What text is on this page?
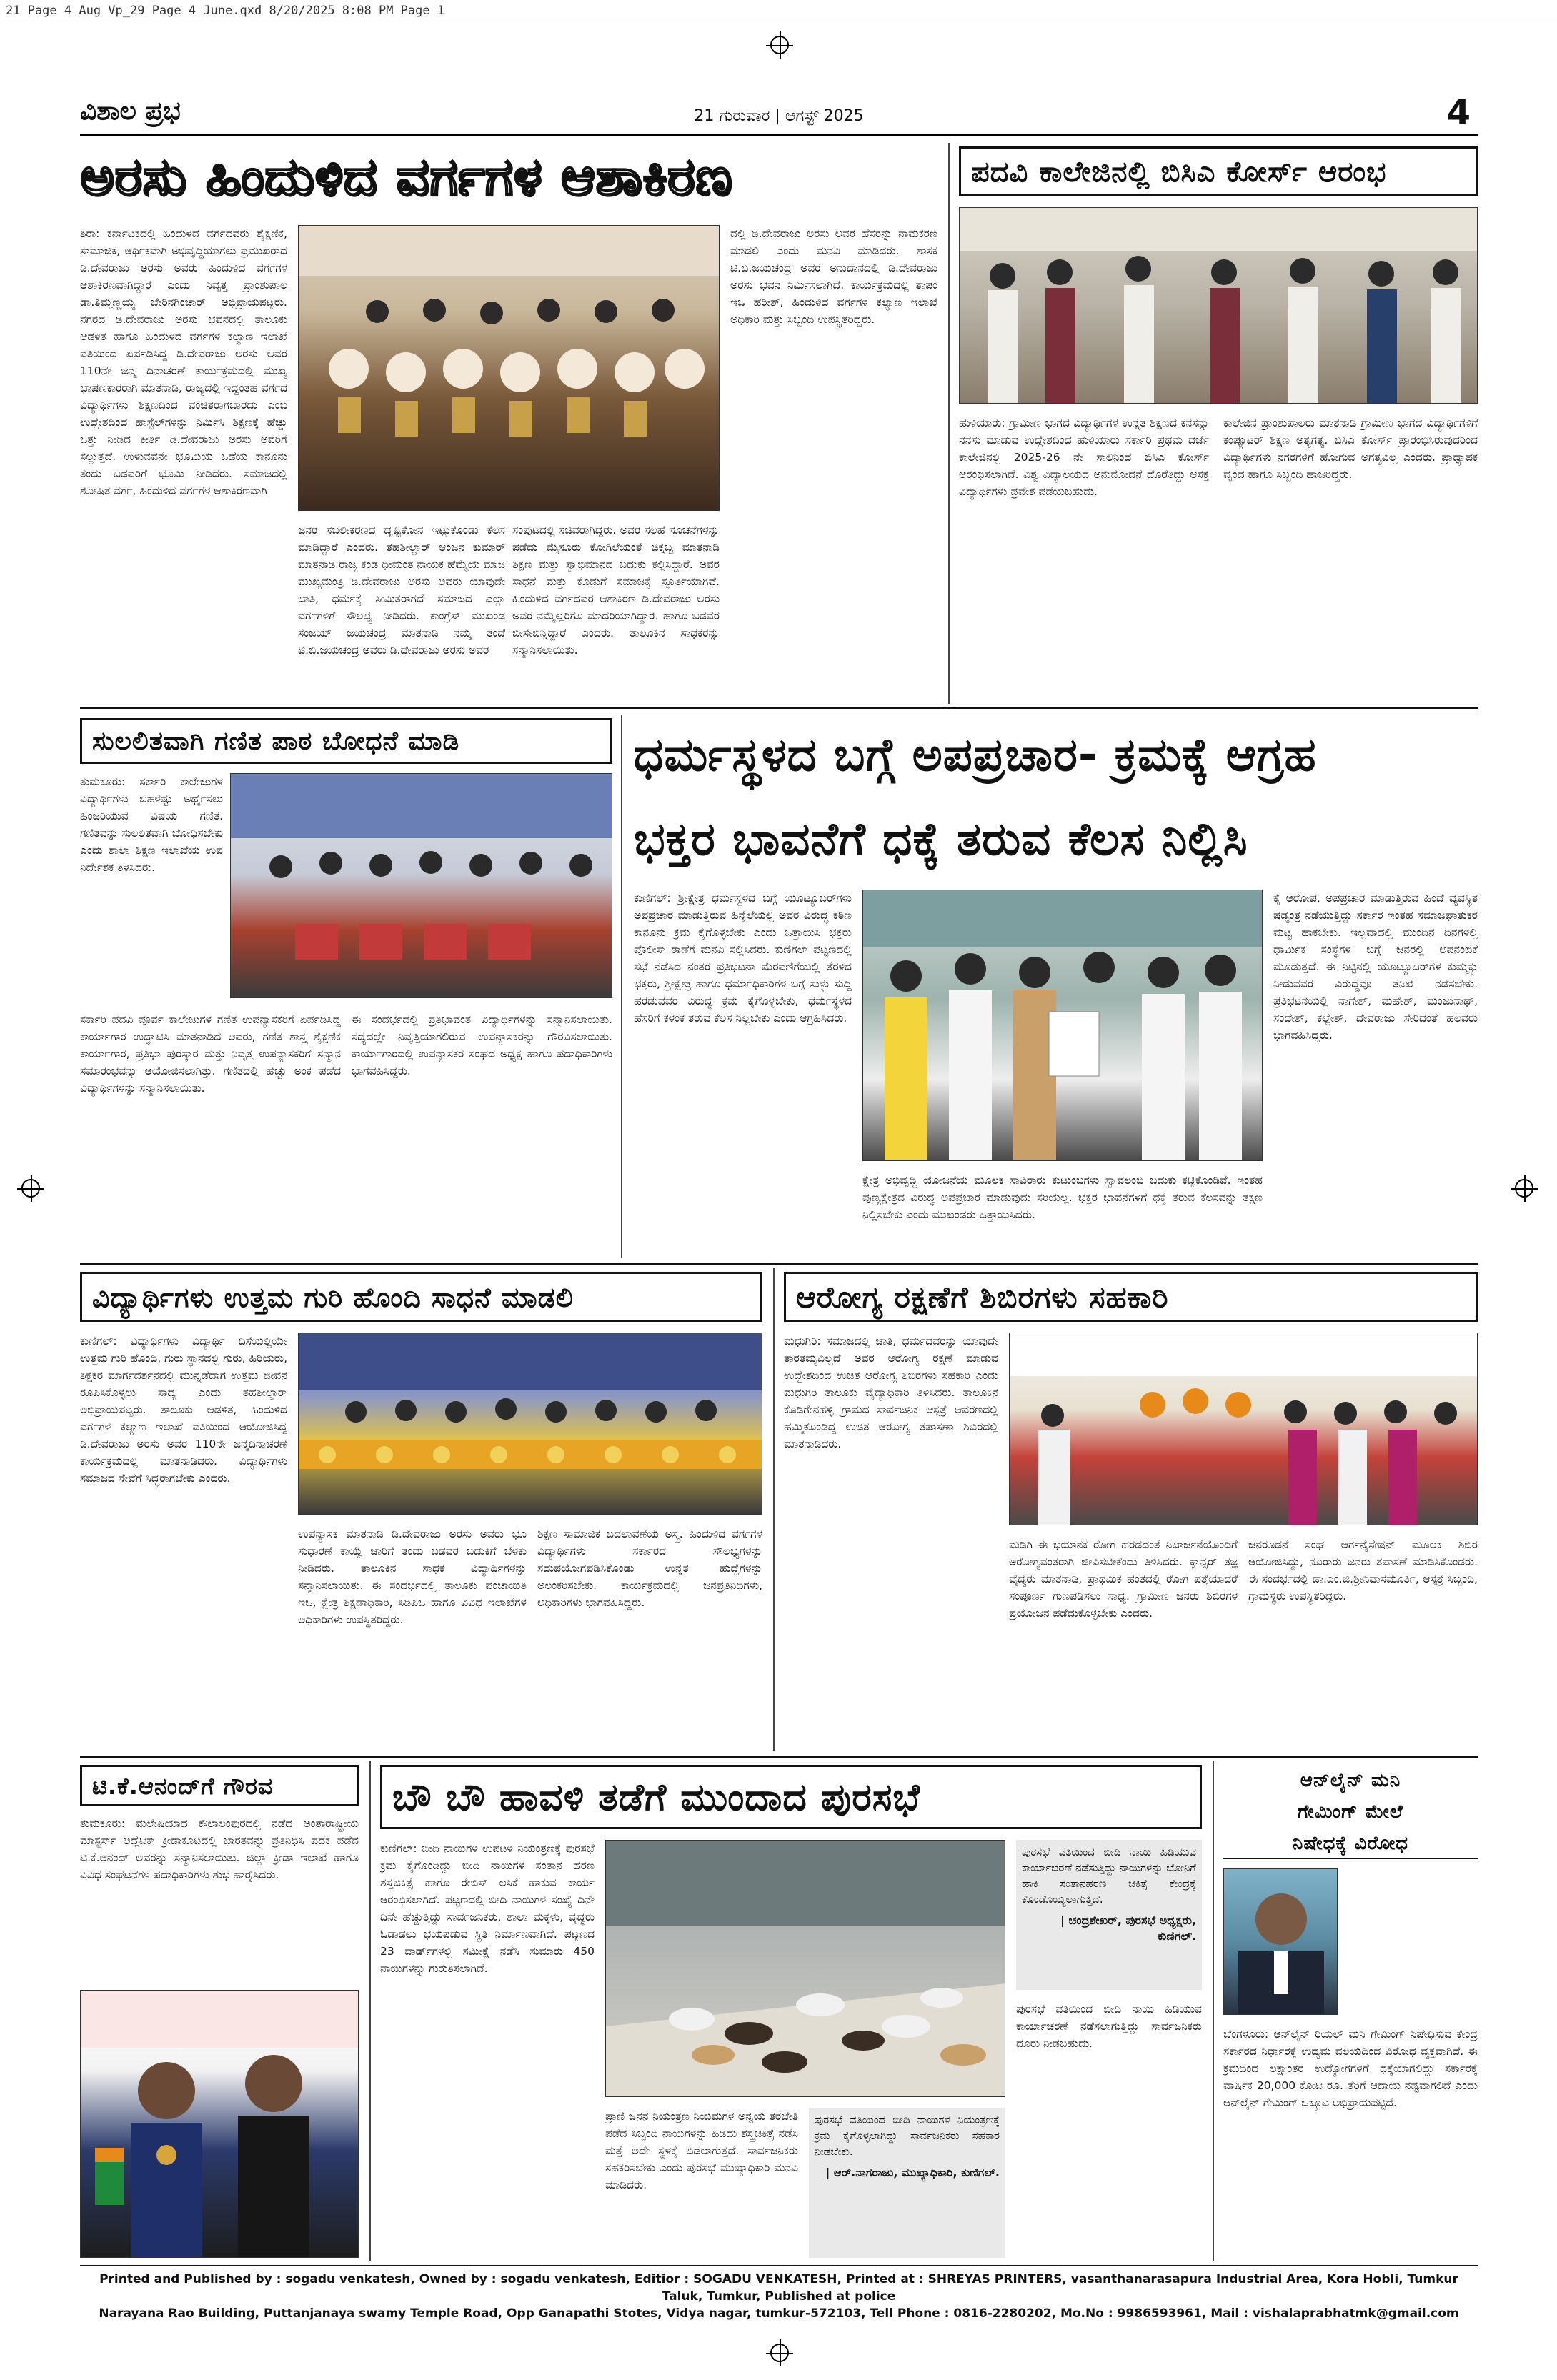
21 Page 4 Aug Vp_29 Page 4 June.qxd 8/20/2025 8:08 PM Page 1
ವಿಶಾಲ ಪ್ರಭ	21 ಗುರುವಾರ | ಆಗಸ್ಟ್ 2025	4
ಅರಸು ಹಿಂದುಳಿದ ವರ್ಗಗಳ ಆಶಾಕಿರಣ
ಶಿರಾ: ಕರ್ನಾಟಕದಲ್ಲಿ ಹಿಂದುಳಿದ ವರ್ಗದವರು ಶೈಕ್ಷಣಿಕ, ಸಾಮಾಜಿಕ, ಆರ್ಥಿಕವಾಗಿ ಅಭಿವೃದ್ಧಿಯಾಗಲು ಪ್ರಮುಖರಾದ ಡಿ.ದೇವರಾಜು ಅರಸು ಅವರು ಹಿಂದುಳಿದ ವರ್ಗಗಳ ಆಶಾಕಿರಣವಾಗಿದ್ದಾರೆ ಎಂದು ನಿವೃತ್ತ ಪ್ರಾಂಶುಪಾಲ ಡಾ.ತಿಮ್ಮಣ್ಣಯ್ಯ ಬೇರಿನಗಿಂಚಾರ್ ಅಭಿಪ್ರಾಯಪಟ್ಟರು. ನಗರದ ಡಿ.ದೇವರಾಜು ಅರಸು ಭವನದಲ್ಲಿ ತಾಲೂಕು ಆಡಳಿತ ಹಾಗೂ ಹಿಂದುಳಿದ ವರ್ಗಗಳ ಕಲ್ಯಾಣ ಇಲಾಖೆ ವತಿಯಿಂದ ಏರ್ಪಡಿಸಿದ್ದ ಡಿ.ದೇವರಾಜು ಅರಸು ಅವರ 110ನೇ ಜನ್ಮ ದಿನಾಚರಣೆ ಕಾರ್ಯಕ್ರಮದಲ್ಲಿ ಮುಖ್ಯ ಭಾಷಣಕಾರರಾಗಿ ಮಾತನಾಡಿ, ರಾಜ್ಯದಲ್ಲಿ ಇದ್ದಂತಹ ವರ್ಗದ ವಿದ್ಯಾರ್ಥಿಗಳು ಶಿಕ್ಷಣದಿಂದ ವಂಚಿತರಾಗಬಾರದು ಎಂಬ ಉದ್ದೇಶದಿಂದ ಹಾಸ್ಟೆಲ್‌ಗಳನ್ನು ನಿರ್ಮಿಸಿ ಶಿಕ್ಷಣಕ್ಕೆ ಹೆಚ್ಚು ಒತ್ತು ನೀಡಿದ ಕೀರ್ತಿ ಡಿ.ದೇವರಾಜು ಅರಸು ಅವರಿಗೆ ಸಲ್ಲುತ್ತದೆ. ಉಳುವವನೇ ಭೂಮಿಯ ಒಡೆಯ ಕಾನೂನು ತಂದು ಬಡವರಿಗೆ ಭೂಮಿ ನೀಡಿದರು. ಸಮಾಜದಲ್ಲಿ ಶೋಷಿತ ವರ್ಗ, ಹಿಂದುಳಿದ ವರ್ಗಗಳ ಆಶಾಕಿರಣವಾಗಿ
ಜನರ ಸಬಲೀಕರಣದ ದೃಷ್ಟಿಕೋನ ಇಟ್ಟುಕೊಂಡು ಕೆಲಸ ಮಾಡಿದ್ದಾರೆ ಎಂದರು. ತಹಶೀಲ್ದಾರ್ ಆಂಜನ ಕುಮಾರ್ ಮಾತನಾಡಿ ರಾಜ್ಯ ಕಂಡ ಧೀಮಂತ ನಾಯಕ ಹೆಮ್ಮೆಯ ಮಾಜಿ ಮುಖ್ಯಮಂತ್ರಿ ಡಿ.ದೇವರಾಜು ಅರಸು ಅವರು ಯಾವುದೇ ಜಾತಿ, ಧರ್ಮಕ್ಕೆ ಸೀಮಿತರಾಗದೆ ಸಮಾಜದ ಎಲ್ಲಾ ವರ್ಗಗಳಿಗೆ ಸೌಲಭ್ಯ ನೀಡಿದರು. ಕಾಂಗ್ರೆಸ್ ಮುಖಂಡ ಸಂಜಯ್ ಜಯಚಂದ್ರ ಮಾತನಾಡಿ ನಮ್ಮ ತಂದೆ ಟಿ.ಬಿ.ಜಯಚಂದ್ರ ಅವರು ಡಿ.ದೇವರಾಜು ಅರಸು ಅವರ
ಸಂಪುಟದಲ್ಲಿ ಸಚಿವರಾಗಿದ್ದರು. ಅವರ ಸಲಹೆ ಸೂಚನೆಗಳನ್ನು ಪಡೆದು ಮೈಸೂರು ಕೋಗಿಲೆಯಂತೆ ಚಿಕ್ಕಬ್ಬ ಮಾತನಾಡಿ ಶಿಕ್ಷಣ ಮತ್ತು ಸ್ವಾಭಿಮಾನದ ಬದುಕು ಕಲ್ಪಿಸಿದ್ದಾರೆ. ಅವರ ಸಾಧನೆ ಮತ್ತು ಕೊಡುಗೆ ಸಮಾಜಕ್ಕೆ ಸ್ಫೂರ್ತಿಯಾಗಿವೆ. ಹಿಂದುಳಿದ ವರ್ಗದವರ ಆಶಾಕಿರಣ ಡಿ.ದೇವರಾಜು ಅರಸು ಅವರ ನಮ್ಮೆಲ್ಲರಿಗೂ ಮಾದರಿಯಾಗಿದ್ದಾರೆ. ಹಾಗೂ ಬಡವರ ಬೀಸೇಬಿನ್ನಿದ್ದಾರೆ ಎಂದರು. ತಾಲೂಕಿನ ಸಾಧಕರನ್ನು ಸನ್ಮಾನಿಸಲಾಯಿತು.
ದಲ್ಲಿ ಡಿ.ದೇವರಾಜು ಅರಸು ಅವರ ಹೆಸರನ್ನು ನಾಮಕರಣ ಮಾಡಲಿ ಎಂದು ಮನವಿ ಮಾಡಿದರು. ಶಾಸಕ ಟಿ.ಬಿ.ಜಯಚಂದ್ರ ಅವರ ಅನುದಾನದಲ್ಲಿ ಡಿ.ದೇವರಾಜು ಅರಸು ಭವನ ನಿರ್ಮಿಸಲಾಗಿದೆ. ಕಾರ್ಯಕ್ರಮದಲ್ಲಿ ತಾಪಂ ಇಒ ಹರೀಶ್, ಹಿಂದುಳಿದ ವರ್ಗಗಳ ಕಲ್ಯಾಣ ಇಲಾಖೆ ಅಧಿಕಾರಿ ಮತ್ತು ಸಿಬ್ಬಂದಿ ಉಪಸ್ಥಿತರಿದ್ದರು.
ಪದವಿ ಕಾಲೇಜಿನಲ್ಲಿ ಬಿಸಿಎ ಕೋರ್ಸ್ ಆರಂಭ
ಹುಳಿಯಾರು: ಗ್ರಾಮೀಣ ಭಾಗದ ವಿದ್ಯಾರ್ಥಿಗಳ ಉನ್ನತ ಶಿಕ್ಷಣದ ಕನಸನ್ನು ನನಸು ಮಾಡುವ ಉದ್ದೇಶದಿಂದ ಹುಳಿಯಾರು ಸರ್ಕಾರಿ ಪ್ರಥಮ ದರ್ಜೆ ಕಾಲೇಜಿನಲ್ಲಿ 2025-26 ನೇ ಸಾಲಿನಿಂದ ಬಿಸಿಎ ಕೋರ್ಸ್ ಆರಂಭಿಸಲಾಗಿದೆ. ವಿಶ್ವ ವಿದ್ಯಾಲಯದ ಅನುಮೋದನೆ ದೊರೆತಿದ್ದು ಆಸಕ್ತ ವಿದ್ಯಾರ್ಥಿಗಳು ಪ್ರವೇಶ ಪಡೆಯಬಹುದು.
ಕಾಲೇಜಿನ ಪ್ರಾಂಶುಪಾಲರು ಮಾತನಾಡಿ ಗ್ರಾಮೀಣ ಭಾಗದ ವಿದ್ಯಾರ್ಥಿಗಳಿಗೆ ಕಂಪ್ಯೂಟರ್ ಶಿಕ್ಷಣ ಅತ್ಯಗತ್ಯ. ಬಿಸಿಎ ಕೋರ್ಸ್ ಪ್ರಾರಂಭಿಸಿರುವುದರಿಂದ ವಿದ್ಯಾರ್ಥಿಗಳು ನಗರಗಳಿಗೆ ಹೋಗುವ ಅಗತ್ಯವಿಲ್ಲ ಎಂದರು. ಪ್ರಾಧ್ಯಾಪಕ ವೃಂದ ಹಾಗೂ ಸಿಬ್ಬಂದಿ ಹಾಜರಿದ್ದರು.
ಸುಲಲಿತವಾಗಿ ಗಣಿತ ಪಾಠ ಬೋಧನೆ ಮಾಡಿ
ತುಮಕೂರು: ಸರ್ಕಾರಿ ಕಾಲೇಜುಗಳ ವಿದ್ಯಾರ್ಥಿಗಳು ಬಹಳಷ್ಟು ಅರ್ಥೈಸಲು ಹಿಂಜರಿಯುವ ವಿಷಯ ಗಣಿತ. ಗಣಿತವನ್ನು ಸುಲಲಿತವಾಗಿ ಬೋಧಿಸಬೇಕು ಎಂದು ಶಾಲಾ ಶಿಕ್ಷಣ ಇಲಾಖೆಯ ಉಪ ನಿರ್ದೇಶಕ ತಿಳಿಸಿದರು.
ಸರ್ಕಾರಿ ಪದವಿ ಪೂರ್ವ ಕಾಲೇಜುಗಳ ಗಣಿತ ಉಪನ್ಯಾಸಕರಿಗೆ ಏರ್ಪಡಿಸಿದ್ದ ಕಾರ್ಯಾಗಾರ ಉದ್ಘಾಟಿಸಿ ಮಾತನಾಡಿದ ಅವರು, ಗಣಿತ ಶಾಸ್ತ್ರ ಶೈಕ್ಷಣಿಕ ಕಾರ್ಯಾಗಾರ, ಪ್ರತಿಭಾ ಪುರಸ್ಕಾರ ಮತ್ತು ನಿವೃತ್ತ ಉಪನ್ಯಾಸಕರಿಗೆ ಸನ್ಮಾನ ಸಮಾರಂಭವನ್ನು ಆಯೋಜಿಸಲಾಗಿತ್ತು. ಗಣಿತದಲ್ಲಿ ಹೆಚ್ಚು ಅಂಕ ಪಡೆದ ವಿದ್ಯಾರ್ಥಿಗಳನ್ನು ಸನ್ಮಾನಿಸಲಾಯಿತು.
ಈ ಸಂದರ್ಭದಲ್ಲಿ ಪ್ರತಿಭಾವಂತ ವಿದ್ಯಾರ್ಥಿಗಳನ್ನು ಸನ್ಮಾನಿಸಲಾಯಿತು. ಸದ್ಯದಲ್ಲೇ ನಿವೃತ್ತಿಯಾಗಲಿರುವ ಉಪನ್ಯಾಸಕರನ್ನು ಗೌರವಿಸಲಾಯಿತು. ಕಾರ್ಯಾಗಾರದಲ್ಲಿ ಉಪನ್ಯಾಸಕರ ಸಂಘದ ಅಧ್ಯಕ್ಷ ಹಾಗೂ ಪದಾಧಿಕಾರಿಗಳು ಭಾಗವಹಿಸಿದ್ದರು.
ಧರ್ಮಸ್ಥಳದ ಬಗ್ಗೆ ಅಪಪ್ರಚಾರ- ಕ್ರಮಕ್ಕೆ ಆಗ್ರಹ
ಭಕ್ತರ ಭಾವನೆಗೆ ಧಕ್ಕೆ ತರುವ ಕೆಲಸ ನಿಲ್ಲಿಸಿ
ಕುಣಿಗಲ್: ಶ್ರೀಕ್ಷೇತ್ರ ಧರ್ಮಸ್ಥಳದ ಬಗ್ಗೆ ಯೂಟ್ಯೂಬರ್‌ಗಳು ಅಪಪ್ರಚಾರ ಮಾಡುತ್ತಿರುವ ಹಿನ್ನೆಲೆಯಲ್ಲಿ ಅವರ ವಿರುದ್ಧ ಕಠಿಣ ಕಾನೂನು ಕ್ರಮ ಕೈಗೊಳ್ಳಬೇಕು ಎಂದು ಒತ್ತಾಯಿಸಿ ಭಕ್ತರು ಪೊಲೀಸ್ ಠಾಣೆಗೆ ಮನವಿ ಸಲ್ಲಿಸಿದರು. ಕುಣಿಗಲ್ ಪಟ್ಟಣದಲ್ಲಿ ಸಭೆ ನಡೆಸಿದ ನಂತರ ಪ್ರತಿಭಟನಾ ಮೆರವಣಿಗೆಯಲ್ಲಿ ತೆರಳಿದ ಭಕ್ತರು, ಶ್ರೀಕ್ಷೇತ್ರ ಹಾಗೂ ಧರ್ಮಾಧಿಕಾರಿಗಳ ಬಗ್ಗೆ ಸುಳ್ಳು ಸುದ್ದಿ ಹರಡುವವರ ವಿರುದ್ಧ ಕ್ರಮ ಕೈಗೊಳ್ಳಬೇಕು, ಧರ್ಮಸ್ಥಳದ ಹೆಸರಿಗೆ ಕಳಂಕ ತರುವ ಕೆಲಸ ನಿಲ್ಲಬೇಕು ಎಂದು ಆಗ್ರಹಿಸಿದರು.
ಕ್ಷೇತ್ರ ಅಭಿವೃದ್ಧಿ ಯೋಜನೆಯ ಮೂಲಕ ಸಾವಿರಾರು ಕುಟುಂಬಗಳು ಸ್ವಾವಲಂಬಿ ಬದುಕು ಕಟ್ಟಿಕೊಂಡಿವೆ. ಇಂತಹ ಪುಣ್ಯಕ್ಷೇತ್ರದ ವಿರುದ್ಧ ಅಪಪ್ರಚಾರ ಮಾಡುವುದು ಸರಿಯಲ್ಲ. ಭಕ್ತರ ಭಾವನೆಗಳಿಗೆ ಧಕ್ಕೆ ತರುವ ಕೆಲಸವನ್ನು ತಕ್ಷಣ ನಿಲ್ಲಿಸಬೇಕು ಎಂದು ಮುಖಂಡರು ಒತ್ತಾಯಿಸಿದರು.
ಕೈ ಆರೋಪ, ಅಪಪ್ರಚಾರ ಮಾಡುತ್ತಿರುವ ಹಿಂದೆ ವ್ಯವಸ್ಥಿತ ಷಡ್ಯಂತ್ರ ನಡೆಯುತ್ತಿದ್ದು ಸರ್ಕಾರ ಇಂತಹ ಸಮಾಜಘಾತುಕರ ಮಟ್ಟ ಹಾಕಬೇಕು. ಇಲ್ಲವಾದಲ್ಲಿ ಮುಂದಿನ ದಿನಗಳಲ್ಲಿ ಧಾರ್ಮಿಕ ಸಂಸ್ಥೆಗಳ ಬಗ್ಗೆ ಜನರಲ್ಲಿ ಅಪನಂಬಿಕೆ ಮೂಡುತ್ತದೆ. ಈ ನಿಟ್ಟಿನಲ್ಲಿ ಯೂಟ್ಯೂಬರ್‌ಗಳ ಕುಮ್ಮಕ್ಕು ನೀಡುವವರ ವಿರುದ್ಧವೂ ತನಿಖೆ ನಡೆಸಬೇಕು. ಪ್ರತಿಭಟನೆಯಲ್ಲಿ ನಾಗೇಶ್, ಮಹೇಶ್, ಮಂಜುನಾಥ್, ಸಂದೇಶ್, ಕಲ್ಲೇಶ್, ದೇವರಾಜು ಸೇರಿದಂತೆ ಹಲವರು ಭಾಗವಹಿಸಿದ್ದರು.
ವಿದ್ಯಾರ್ಥಿಗಳು ಉತ್ತಮ ಗುರಿ ಹೊಂದಿ ಸಾಧನೆ ಮಾಡಲಿ
ಕುಣಿಗಲ್: ವಿದ್ಯಾರ್ಥಿಗಳು ವಿದ್ಯಾರ್ಥಿ ದಿಸೆಯಲ್ಲಿಯೇ ಉತ್ತಮ ಗುರಿ ಹೊಂದಿ, ಗುರು ಸ್ಥಾನದಲ್ಲಿ ಗುರು, ಹಿರಿಯರು, ಶಿಕ್ಷಕರ ಮಾರ್ಗದರ್ಶನದಲ್ಲಿ ಮುನ್ನಡೆದಾಗ ಉತ್ತಮ ಜೀವನ ರೂಪಿಸಿಕೊಳ್ಳಲು ಸಾಧ್ಯ ಎಂದು ತಹಶೀಲ್ದಾರ್ ಅಭಿಪ್ರಾಯಪಟ್ಟರು. ತಾಲೂಕು ಆಡಳಿತ, ಹಿಂದುಳಿದ ವರ್ಗಗಳ ಕಲ್ಯಾಣ ಇಲಾಖೆ ವತಿಯಿಂದ ಆಯೋಜಿಸಿದ್ದ ಡಿ.ದೇವರಾಜು ಅರಸು ಅವರ 110ನೇ ಜನ್ಮದಿನಾಚರಣೆ ಕಾರ್ಯಕ್ರಮದಲ್ಲಿ ಮಾತನಾಡಿದರು. ವಿದ್ಯಾರ್ಥಿಗಳು ಸಮಾಜದ ಸೇವೆಗೆ ಸಿದ್ಧರಾಗಬೇಕು ಎಂದರು.
ಉಪನ್ಯಾಸಕ ಮಾತನಾಡಿ ಡಿ.ದೇವರಾಜು ಅರಸು ಅವರು ಭೂ ಸುಧಾರಣೆ ಕಾಯ್ದೆ ಜಾರಿಗೆ ತಂದು ಬಡವರ ಬದುಕಿಗೆ ಬೆಳಕು ನೀಡಿದರು. ತಾಲೂಕಿನ ಸಾಧಕ ವಿದ್ಯಾರ್ಥಿಗಳನ್ನು ಸನ್ಮಾನಿಸಲಾಯಿತು. ಈ ಸಂದರ್ಭದಲ್ಲಿ ತಾಲೂಕು ಪಂಚಾಯಿತಿ ಇಒ, ಕ್ಷೇತ್ರ ಶಿಕ್ಷಣಾಧಿಕಾರಿ, ಸಿಡಿಪಿಒ ಹಾಗೂ ವಿವಿಧ ಇಲಾಖೆಗಳ ಅಧಿಕಾರಿಗಳು ಉಪಸ್ಥಿತರಿದ್ದರು.
ಶಿಕ್ಷಣ ಸಾಮಾಜಿಕ ಬದಲಾವಣೆಯ ಅಸ್ತ್ರ. ಹಿಂದುಳಿದ ವರ್ಗಗಳ ವಿದ್ಯಾರ್ಥಿಗಳು ಸರ್ಕಾರದ ಸೌಲಭ್ಯಗಳನ್ನು ಸದುಪಯೋಗಪಡಿಸಿಕೊಂಡು ಉನ್ನತ ಹುದ್ದೆಗಳನ್ನು ಅಲಂಕರಿಸಬೇಕು. ಕಾರ್ಯಕ್ರಮದಲ್ಲಿ ಜನಪ್ರತಿನಿಧಿಗಳು, ಅಧಿಕಾರಿಗಳು ಭಾಗವಹಿಸಿದ್ದರು.
ಆರೋಗ್ಯ ರಕ್ಷಣೆಗೆ ಶಿಬಿರಗಳು ಸಹಕಾರಿ
ಮಧುಗಿರಿ: ಸಮಾಜದಲ್ಲಿ ಜಾತಿ, ಧರ್ಮದವರನ್ನು ಯಾವುದೇ ತಾರತಮ್ಯವಿಲ್ಲದೆ ಅವರ ಆರೋಗ್ಯ ರಕ್ಷಣೆ ಮಾಡುವ ಉದ್ದೇಶದಿಂದ ಉಚಿತ ಆರೋಗ್ಯ ಶಿಬಿರಗಳು ಸಹಕಾರಿ ಎಂದು ಮಧುಗಿರಿ ತಾಲೂಕು ವೈದ್ಯಾಧಿಕಾರಿ ತಿಳಿಸಿದರು. ತಾಲೂಕಿನ ಕೊಡಿಗೇನಹಳ್ಳಿ ಗ್ರಾಮದ ಸಾರ್ವಜನಿಕ ಆಸ್ಪತ್ರೆ ಆವರಣದಲ್ಲಿ ಹಮ್ಮಿಕೊಂಡಿದ್ದ ಉಚಿತ ಆರೋಗ್ಯ ತಪಾಸಣಾ ಶಿಬಿರದಲ್ಲಿ ಮಾತನಾಡಿದರು.
ಮಡಿಗಿ ಈ ಭಯಾನಕ ರೋಗ ಹರಡದಂತೆ ನಿಜಾರ್ಜನೆಯೊಂದಿಗೆ ಅರೋಗ್ಯವಂತರಾಗಿ ಜೀವಿಸಬೇಕೆಂದು ತಿಳಿಸಿದರು. ಕ್ಯಾನ್ಸರ್ ತಜ್ಞ ವೈದ್ಯರು ಮಾತನಾಡಿ, ಪ್ರಾಥಮಿಕ ಹಂತದಲ್ಲಿ ರೋಗ ಪತ್ತೆಯಾದರೆ ಸಂಪೂರ್ಣ ಗುಣಪಡಿಸಲು ಸಾಧ್ಯ. ಗ್ರಾಮೀಣ ಜನರು ಶಿಬಿರಗಳ ಪ್ರಯೋಜನ ಪಡೆದುಕೊಳ್ಳಬೇಕು ಎಂದರು.
ಜನರೂಡನೆ ಸಂಘ ಆರ್ಗನೈಸೇಷನ್ ಮೂಲಕ ಶಿಬಿರ ಆಯೋಜಿಸಿದ್ದು, ನೂರಾರು ಜನರು ತಪಾಸಣೆ ಮಾಡಿಸಿಕೊಂಡರು. ಈ ಸಂದರ್ಭದಲ್ಲಿ ಡಾ.ಎಂ.ಜಿ.ಶ್ರೀನಿವಾಸಮೂರ್ತಿ, ಆಸ್ಪತ್ರೆ ಸಿಬ್ಬಂದಿ, ಗ್ರಾಮಸ್ಥರು ಉಪಸ್ಥಿತರಿದ್ದರು.
ಟಿ.ಕೆ.ಆನಂದ್‌ಗೆ ಗೌರವ
ತುಮಕೂರು: ಮಲೇಷಿಯಾದ ಕೌಲಾಲಂಪುರದಲ್ಲಿ ನಡೆದ ಅಂತಾರಾಷ್ಟ್ರೀಯ ಮಾಸ್ಟರ್ಸ್ ಅಥ್ಲೆಟಿಕ್ ಕ್ರೀಡಾಕೂಟದಲ್ಲಿ ಭಾರತವನ್ನು ಪ್ರತಿನಿಧಿಸಿ ಪದಕ ಪಡೆದ ಟಿ.ಕೆ.ಆನಂದ್ ಅವರನ್ನು ಸನ್ಮಾನಿಸಲಾಯಿತು. ಜಿಲ್ಲಾ ಕ್ರೀಡಾ ಇಲಾಖೆ ಹಾಗೂ ವಿವಿಧ ಸಂಘಟನೆಗಳ ಪದಾಧಿಕಾರಿಗಳು ಶುಭ ಹಾರೈಸಿದರು.
ಬೌ ಬೌ ಹಾವಳಿ ತಡೆಗೆ ಮುಂದಾದ ಪುರಸಭೆ
ಕುಣಿಗಲ್: ಬೀದಿ ನಾಯಿಗಳ ಉಪಟಳ ನಿಯಂತ್ರಣಕ್ಕೆ ಪುರಸಭೆ ಕ್ರಮ ಕೈಗೊಂಡಿದ್ದು ಬೀದಿ ನಾಯಿಗಳ ಸಂತಾನ ಹರಣ ಶಸ್ತ್ರಚಿಕಿತ್ಸೆ ಹಾಗೂ ರೇಬಿಸ್ ಲಸಿಕೆ ಹಾಕುವ ಕಾರ್ಯ ಆರಂಭಿಸಲಾಗಿದೆ. ಪಟ್ಟಣದಲ್ಲಿ ಬೀದಿ ನಾಯಿಗಳ ಸಂಖ್ಯೆ ದಿನೇ ದಿನೇ ಹೆಚ್ಚುತ್ತಿದ್ದು ಸಾರ್ವಜನಿಕರು, ಶಾಲಾ ಮಕ್ಕಳು, ವೃದ್ಧರು ಓಡಾಡಲು ಭಯಪಡುವ ಸ್ಥಿತಿ ನಿರ್ಮಾಣವಾಗಿದೆ. ಪಟ್ಟಣದ 23 ವಾರ್ಡ್‌ಗಳಲ್ಲಿ ಸಮೀಕ್ಷೆ ನಡೆಸಿ ಸುಮಾರು 450 ನಾಯಿಗಳನ್ನು ಗುರುತಿಸಲಾಗಿದೆ.
ಪ್ರಾಣಿ ಜನನ ನಿಯಂತ್ರಣ ನಿಯಮಗಳ ಅನ್ವಯ ತರಬೇತಿ ಪಡೆದ ಸಿಬ್ಬಂದಿ ನಾಯಿಗಳನ್ನು ಹಿಡಿದು ಶಸ್ತ್ರಚಿಕಿತ್ಸೆ ನಡೆಸಿ ಮತ್ತೆ ಅದೇ ಸ್ಥಳಕ್ಕೆ ಬಿಡಲಾಗುತ್ತದೆ. ಸಾರ್ವಜನಿಕರು ಸಹಕರಿಸಬೇಕು ಎಂದು ಪುರಸಭೆ ಮುಖ್ಯಾಧಿಕಾರಿ ಮನವಿ ಮಾಡಿದರು.
ಪುರಸಭೆ ವತಿಯಿಂದ ಬೀದಿ ನಾಯಿಗಳ ನಿಯಂತ್ರಣಕ್ಕೆ ಕ್ರಮ ಕೈಗೊಳ್ಳಲಾಗಿದ್ದು ಸಾರ್ವಜನಿಕರು ಸಹಕಾರ ನೀಡಬೇಕು.
| ಆರ್.ನಾಗರಾಜು, ಮುಖ್ಯಾಧಿಕಾರಿ, ಕುಣಿಗಲ್.
ಪುರಸಭೆ ವತಿಯಿಂದ ಬೀದಿ ನಾಯಿ ಹಿಡಿಯುವ ಕಾರ್ಯಾಚರಣೆ ನಡೆಸುತ್ತಿದ್ದು ನಾಯಿಗಳನ್ನು ಬೋನಿಗೆ ಹಾಕಿ ಸಂತಾನಹರಣ ಚಿಕಿತ್ಸೆ ಕೇಂದ್ರಕ್ಕೆ ಕೊಂಡೊಯ್ಯಲಾಗುತ್ತಿದೆ.
| ಚಂದ್ರಶೇಖರ್, ಪುರಸಭೆ ಅಧ್ಯಕ್ಷರು, ಕುಣಿಗಲ್.
ಪುರಸಭೆ ವತಿಯಿಂದ ಬೀದಿ ನಾಯಿ ಹಿಡಿಯುವ ಕಾರ್ಯಾಚರಣೆ ನಡೆಸಲಾಗುತ್ತಿದ್ದು ಸಾರ್ವಜನಿಕರು ದೂರು ನೀಡಬಹುದು.
ಆನ್‌ಲೈನ್ ಮನಿ
ಗೇಮಿಂಗ್ ಮೇಲೆ
ನಿಷೇಧಕ್ಕೆ ವಿರೋಧ
ಬೆಂಗಳೂರು: ಆನ್‌ಲೈನ್ ರಿಯಲ್ ಮನಿ ಗೇಮಿಂಗ್ ನಿಷೇಧಿಸುವ ಕೇಂದ್ರ ಸರ್ಕಾರದ ನಿರ್ಧಾರಕ್ಕೆ ಉದ್ಯಮ ವಲಯದಿಂದ ವಿರೋಧ ವ್ಯಕ್ತವಾಗಿದೆ. ಈ ಕ್ರಮದಿಂದ ಲಕ್ಷಾಂತರ ಉದ್ಯೋಗಗಳಿಗೆ ಧಕ್ಕೆಯಾಗಲಿದ್ದು ಸರ್ಕಾರಕ್ಕೆ ವಾರ್ಷಿಕ 20,000 ಕೋಟಿ ರೂ. ತೆರಿಗೆ ಆದಾಯ ನಷ್ಟವಾಗಲಿದೆ ಎಂದು ಆನ್‌ಲೈನ್ ಗೇಮಿಂಗ್ ಒಕ್ಕೂಟ ಅಭಿಪ್ರಾಯಪಟ್ಟಿದೆ.
Printed and Published by : sogadu venkatesh, Owned by : sogadu venkatesh, Editior : SOGADU VENKATESH, Printed at : SHREYAS PRINTERS, vasanthanarasapura Industrial Area, Kora Hobli, Tumkur Taluk, Tumkur, Published at police
Narayana Rao Building, Puttanjanaya swamy Temple Road, Opp Ganapathi Stotes, Vidya nagar, tumkur-572103, Tell Phone : 0816-2280202, Mo.No : 9986593961, Mail : vishalaprabhatmk@gmail.com
